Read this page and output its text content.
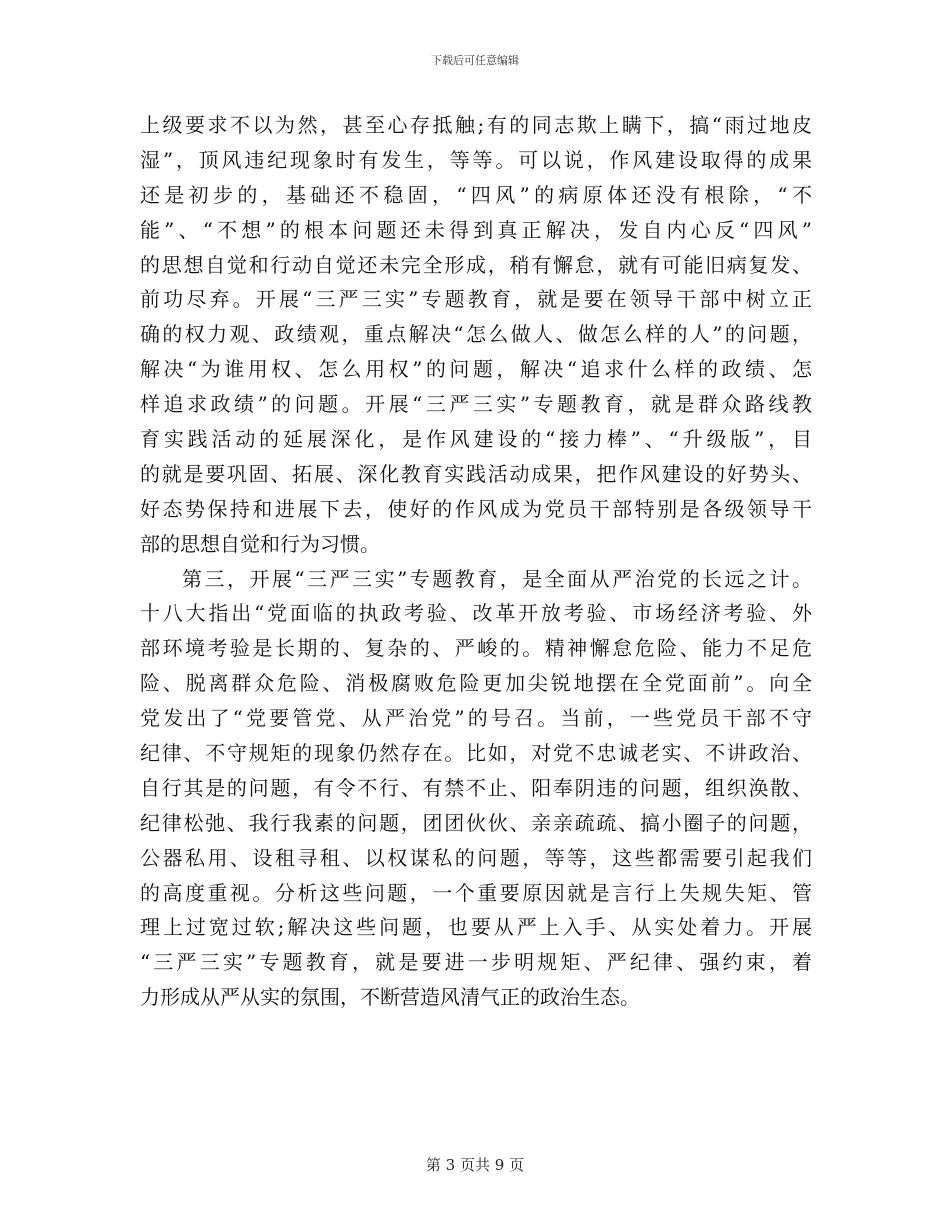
下载后可任意编辑
上级要求不以为然，甚至心存抵触;有的同志欺上瞒下，搞“雨过地皮
湿”，顶风违纪现象时有发生，等等。可以说，作风建设取得的成果
还是初步的，基础还不稳固，“四风”的病原体还没有根除，“不
能”、“不想”的根本问题还未得到真正解决，发自内心反“四风”
的思想自觉和行动自觉还未完全形成，稍有懈怠，就有可能旧病复发、
前功尽弃。开展“三严三实”专题教育，就是要在领导干部中树立正
确的权力观、政绩观，重点解决“怎么做人、做怎么样的人”的问题，
解决“为谁用权、怎么用权”的问题，解决“追求什么样的政绩、怎
样追求政绩”的问题。开展“三严三实”专题教育，就是群众路线教
育实践活动的延展深化，是作风建设的“接力棒”、“升级版”，目
的就是要巩固、拓展、深化教育实践活动成果，把作风建设的好势头、
好态势保持和进展下去，使好的作风成为党员干部特别是各级领导干
部的思想自觉和行为习惯。
第三，开展“三严三实”专题教育，是全面从严治党的长远之计。
十八大指出“党面临的执政考验、改革开放考验、市场经济考验、外
部环境考验是长期的、复杂的、严峻的。精神懈怠危险、能力不足危
险、脱离群众危险、消极腐败危险更加尖锐地摆在全党面前”。向全
党发出了“党要管党、从严治党”的号召。当前，一些党员干部不守
纪律、不守规矩的现象仍然存在。比如，对党不忠诚老实、不讲政治、
自行其是的问题，有令不行、有禁不止、阳奉阴违的问题，组织涣散、
纪律松弛、我行我素的问题，团团伙伙、亲亲疏疏、搞小圈子的问题，
公器私用、设租寻租、以权谋私的问题，等等，这些都需要引起我们
的高度重视。分析这些问题，一个重要原因就是言行上失规失矩、管
理上过宽过软;解决这些问题，也要从严上入手、从实处着力。开展
“三严三实”专题教育，就是要进一步明规矩、严纪律、强约束，着
力形成从严从实的氛围，不断营造风清气正的政治生态。
第 3 页共 9 页
